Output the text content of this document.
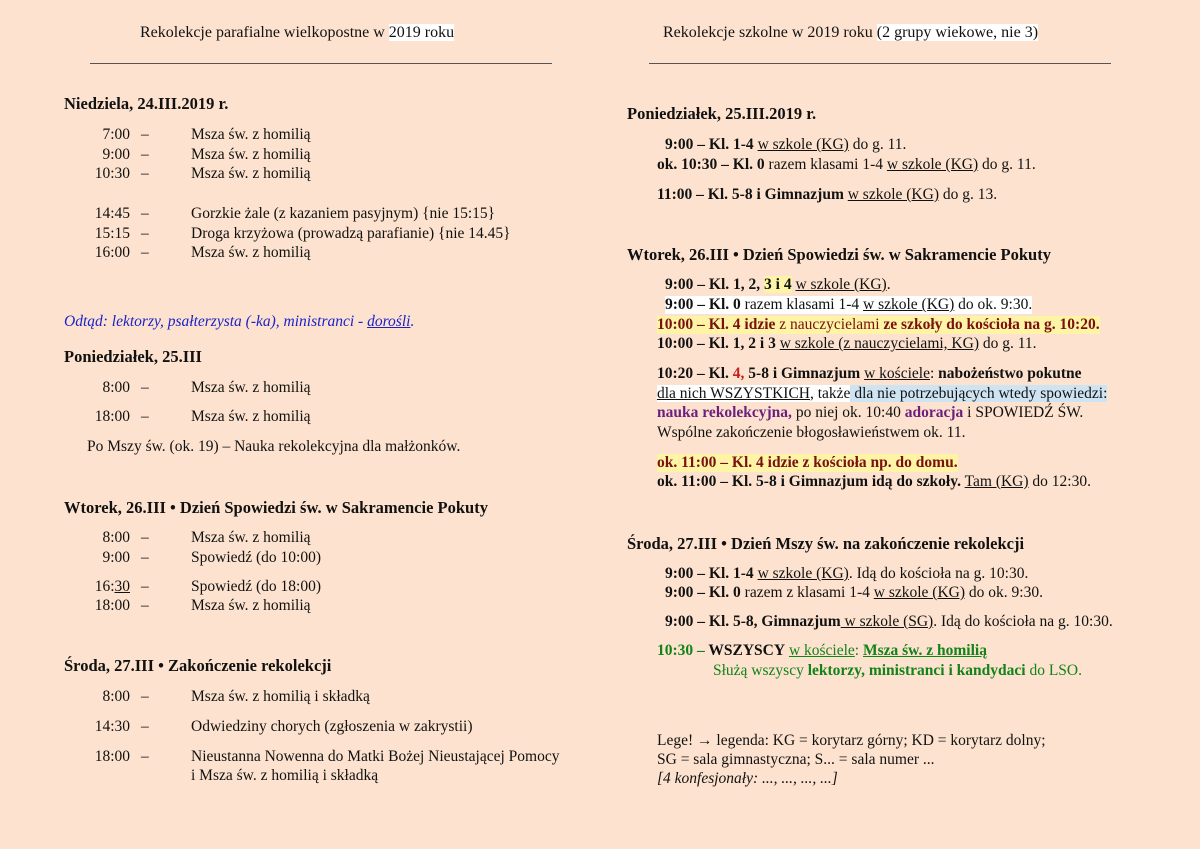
Rekolekcje parafialne wielkopostne w 2019 roku
Niedziela, 24.III.2019 r.
7:00 –	Msza św. z homilią
9:00 –	Msza św. z homilią
10:30 –	Msza św. z homilią
14:45 –	Gorzkie żale (z kazaniem pasyjnym) {nie 15:15}
15:15 –	Droga krzyżowa (prowadzą parafianie) {nie 14.45}
16:00 –	Msza św. z homilią
Odtąd: lektorzy, psałterzysta (-ka), ministranci - dorośli.
Poniedziałek, 25.III
8:00 –	Msza św. z homilią
18:00 –	Msza św. z homilią
Po Mszy św. (ok. 19) – Nauka rekolekcyjna dla małżonków.
Wtorek, 26.III • Dzień Spowiedzi św. w Sakramencie Pokuty
8:00 –	Msza św. z homilią
9:00 –	Spowiedź (do 10:00)
16:30 –	Spowiedź (do 18:00)
18:00 –	Msza św. z homilią
Środa, 27.III • Zakończenie rekolekcji
8:00 –	Msza św. z homilią i składką
14:30 –	Odwiedziny chorych (zgłoszenia w zakrystii)
18:00 –	Nieustanna Nowenna do Matki Bożej Nieustającej Pomocy
i Msza św. z homilią i składką
Rekolekcje szkolne w 2019 roku (2 grupy wiekowe, nie 3)
Poniedziałek, 25.III.2019 r.
9:00 – Kl. 1-4 w szkole (KG) do g. 11.
ok. 10:30 – Kl. 0 razem klasami 1-4 w szkole (KG) do g. 11.
11:00 – Kl. 5-8 i Gimnazjum w szkole (KG) do g. 13.
Wtorek, 26.III • Dzień Spowiedzi św. w Sakramencie Pokuty
9:00 – Kl. 1, 2, 3 i 4 w szkole (KG).
9:00 – Kl. 0 razem klasami 1-4 w szkole (KG) do ok. 9:30.
10:00 – Kl. 4 idzie z nauczycielami ze szkoły do kościoła na g. 10:20.
10:00 – Kl. 1, 2 i 3 w szkole (z nauczycielami, KG) do g. 11.
10:20 – Kl. 4, 5-8 i Gimnazjum w kościele: nabożeństwo pokutne
dla nich WSZYSTKICH, także dla nie potrzebujących wtedy spowiedzi:
nauka rekolekcyjna, po niej ok. 10:40 adoracja i SPOWIEDŹ ŚW.
Wspólne zakończenie błogosławieństwem ok. 11.
ok. 11:00 – Kl. 4 idzie z kościoła np. do domu.
ok. 11:00 – Kl. 5-8 i Gimnazjum idą do szkoły. Tam (KG) do 12:30.
Środa, 27.III • Dzień Mszy św. na zakończenie rekolekcji
9:00 – Kl. 1-4 w szkole (KG). Idą do kościoła na g. 10:30.
9:00 – Kl. 0 razem z klasami 1-4 w szkole (KG) do ok. 9:30.
9:00 – Kl. 5-8, Gimnazjum w szkole (SG). Idą do kościoła na g. 10:30.
10:30 – WSZYSCY w kościele: Msza św. z homilią
Służą wszyscy lektorzy, ministranci i kandydaci do LSO.
Lege! → legenda: KG = korytarz górny; KD = korytarz dolny;
SG = sala gimnastyczna; S... = sala numer ...
[4 konfesjonały: ..., ..., ..., ...]
